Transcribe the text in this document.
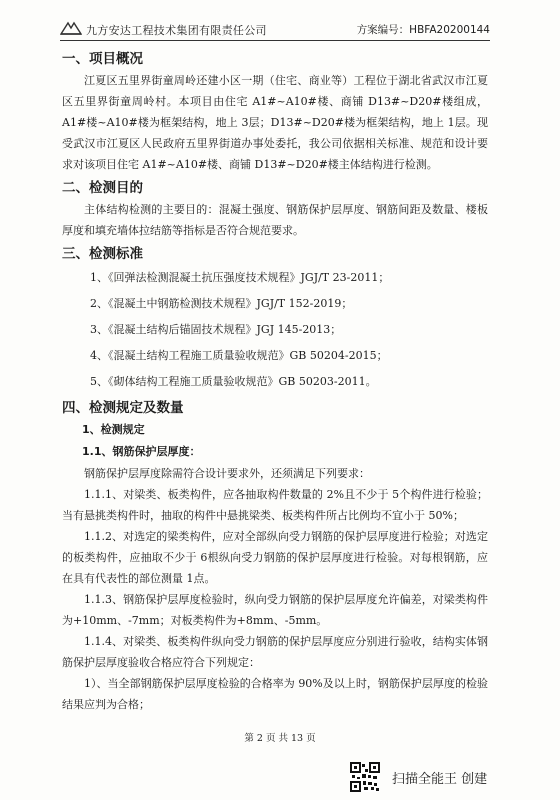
九方安达工程技术集团有限责任公司	方案编号：HBFA20200144

一、项目概况

江夏区五里界街童周岭还建小区一期（住宅、商业等）工程位于湖北省武汉市江夏区五里界街童周岭村。本项目由住宅 A1#~A10#楼、商铺 D13#~D20#楼组成，A1#楼~A10#楼为框架结构，地上 3层；D13#~D20#楼为框架结构，地上 1层。现受武汉市江夏区人民政府五里界街道办事处委托，我公司依据相关标准、规范和设计要求对该项目住宅 A1#~A10#楼、商铺 D13#~D20#楼主体结构进行检测。

二、检测目的

主体结构检测的主要目的：混凝土强度、钢筋保护层厚度、钢筋间距及数量、楼板厚度和填充墙体拉结筋等指标是否符合规范要求。

三、检测标准

1、《回弹法检测混凝土抗压强度技术规程》JGJ/T 23-2011；

2、《混凝土中钢筋检测技术规程》JGJ/T 152-2019；

3、《混凝土结构后锚固技术规程》JGJ 145-2013；

4、《混凝土结构工程施工质量验收规范》GB 50204-2015；

5、《砌体结构工程施工质量验收规范》GB 50203-2011。

四、检测规定及数量

1、检测规定

1.1、钢筋保护层厚度：

钢筋保护层厚度除需符合设计要求外，还须满足下列要求：

1.1.1、对梁类、板类构件，应各抽取构件数量的 2%且不少于 5个构件进行检验；当有悬挑类构件时，抽取的构件中悬挑梁类、板类构件所占比例均不宜小于 50%；

1.1.2、对选定的梁类构件，应对全部纵向受力钢筋的保护层厚度进行检验；对选定的板类构件，应抽取不少于 6根纵向受力钢筋的保护层厚度进行检验。对每根钢筋，应在具有代表性的部位测量 1点。

1.1.3、钢筋保护层厚度检验时，纵向受力钢筋的保护层厚度允许偏差，对梁类构件为+10mm、-7mm；对板类构件为+8mm、-5mm。

1.1.4、对梁类、板类构件纵向受力钢筋的保护层厚度应分别进行验收，结构实体钢筋保护层厚度验收合格应符合下列规定：

1）、当全部钢筋保护层厚度检验的合格率为 90%及以上时，钢筋保护层厚度的检验结果应判为合格；

第 2 页 共 13 页
扫描全能王 创建
